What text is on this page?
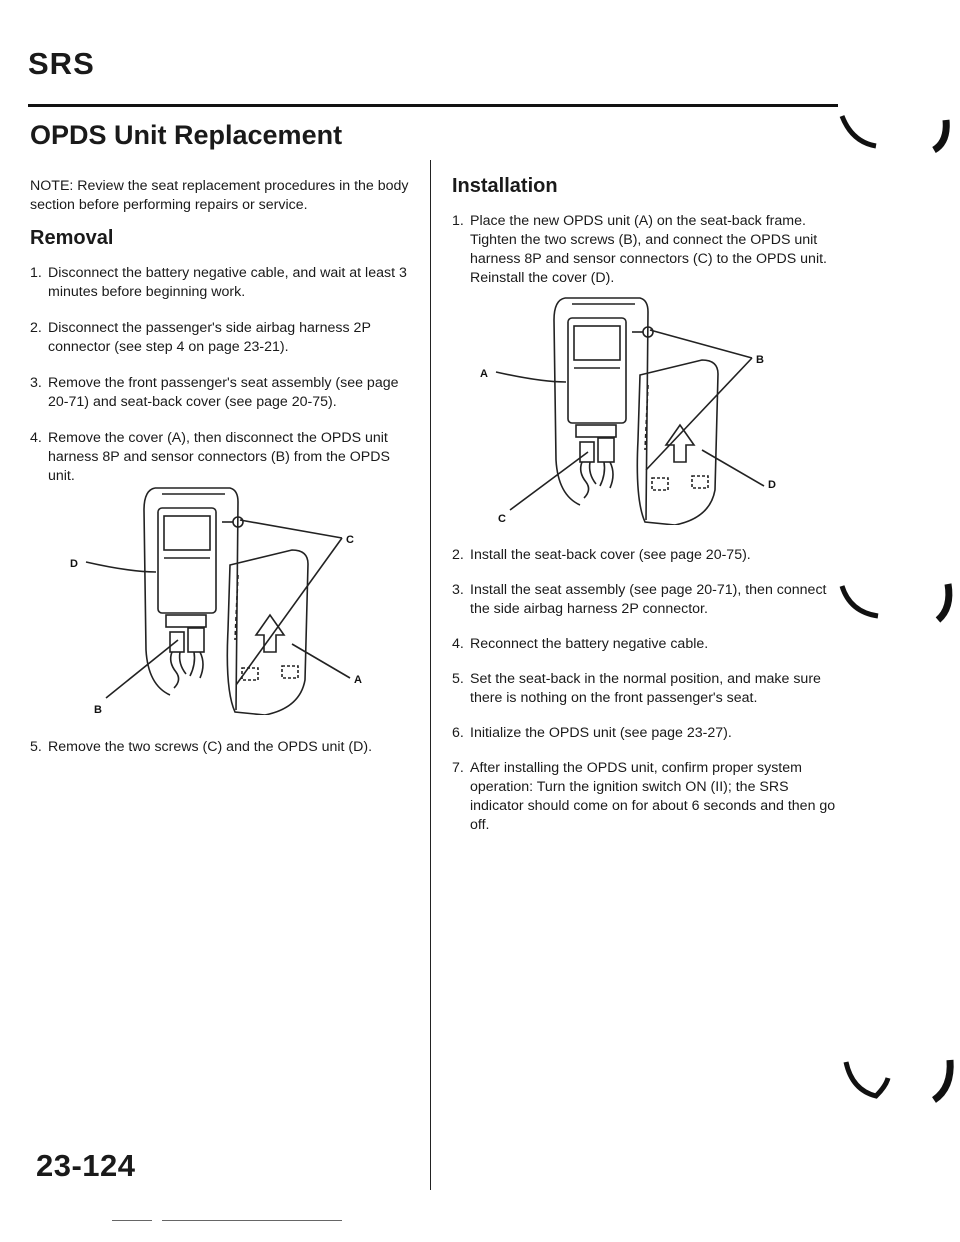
SRS
OPDS Unit Replacement

NOTE: Review the seat replacement procedures in the body section before performing repairs or service.

Removal
1. Disconnect the battery negative cable, and wait at least 3 minutes before beginning work.
2. Disconnect the passenger's side airbag harness 2P connector (see step 4 on page 23-21).
3. Remove the front passenger's seat assembly (see page 20-71) and seat-back cover (see page 20-75).
4. Remove the cover (A), then disconnect the OPDS unit harness 8P and sensor connectors (B) from the OPDS unit.
D
C
A
B
5. Remove the two screws (C) and the OPDS unit (D).
Installation
1. Place the new OPDS unit (A) on the seat-back frame. Tighten the two screws (B), and connect the OPDS unit harness 8P and sensor connectors (C) to the OPDS unit. Reinstall the cover (D).
A
B
D
C
2. Install the seat-back cover (see page 20-75).
3. Install the seat assembly (see page 20-71), then connect the side airbag harness 2P connector.
4. Reconnect the battery negative cable.
5. Set the seat-back in the normal position, and make sure there is nothing on the front passenger's seat.
6. Initialize the OPDS unit (see page 23-27).
7. After installing the OPDS unit, confirm proper system operation: Turn the ignition switch ON (II); the SRS indicator should come on for about 6 seconds and then go off.
23-124
